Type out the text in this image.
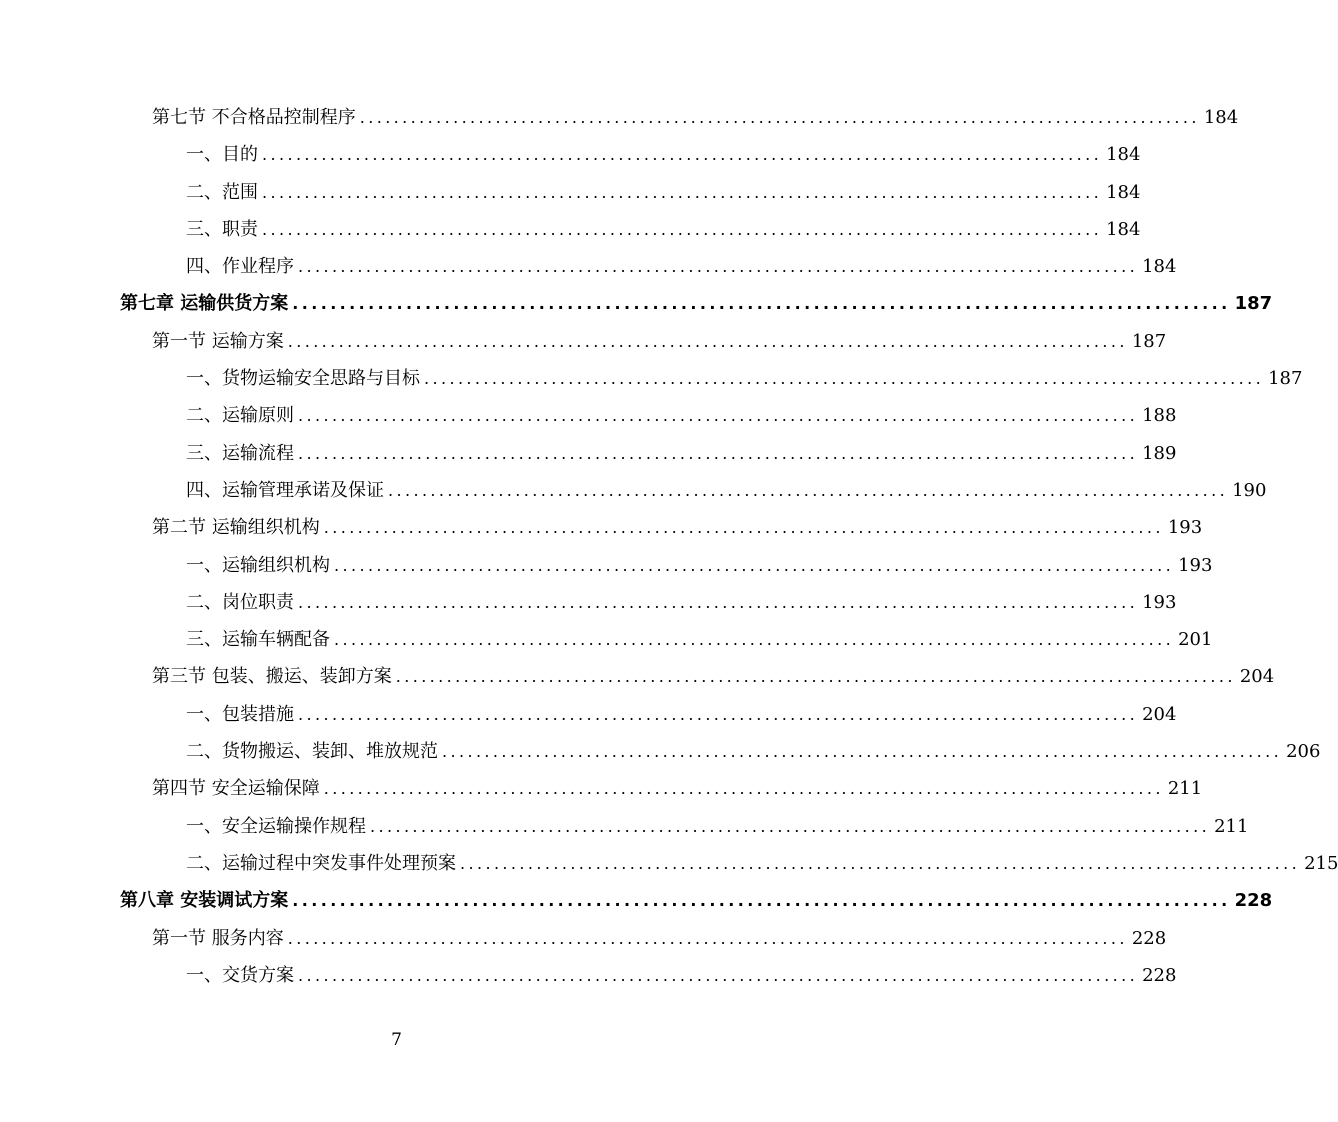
第七节 不合格品控制程序 ................................................................................................... 184
一、目的 ................................................................................................... 184
二、范围 ................................................................................................... 184
三、职责 ................................................................................................... 184
四、作业程序 ................................................................................................... 184
第七章 运输供货方案 ................................................................................................... 187
第一节 运输方案 ................................................................................................... 187
一、货物运输安全思路与目标 ................................................................................................... 187
二、运输原则 ................................................................................................... 188
三、运输流程 ................................................................................................... 189
四、运输管理承诺及保证 ................................................................................................... 190
第二节 运输组织机构 ................................................................................................... 193
一、运输组织机构 ................................................................................................... 193
二、岗位职责 ................................................................................................... 193
三、运输车辆配备 ................................................................................................... 201
第三节 包装、搬运、装卸方案 ................................................................................................... 204
一、包装措施 ................................................................................................... 204
二、货物搬运、装卸、堆放规范 ................................................................................................... 206
第四节 安全运输保障 ................................................................................................... 211
一、安全运输操作规程 ................................................................................................... 211
二、运输过程中突发事件处理预案 ................................................................................................... 215
第八章 安装调试方案 ................................................................................................... 228
第一节 服务内容 ................................................................................................... 228
一、交货方案 ................................................................................................... 228
7
